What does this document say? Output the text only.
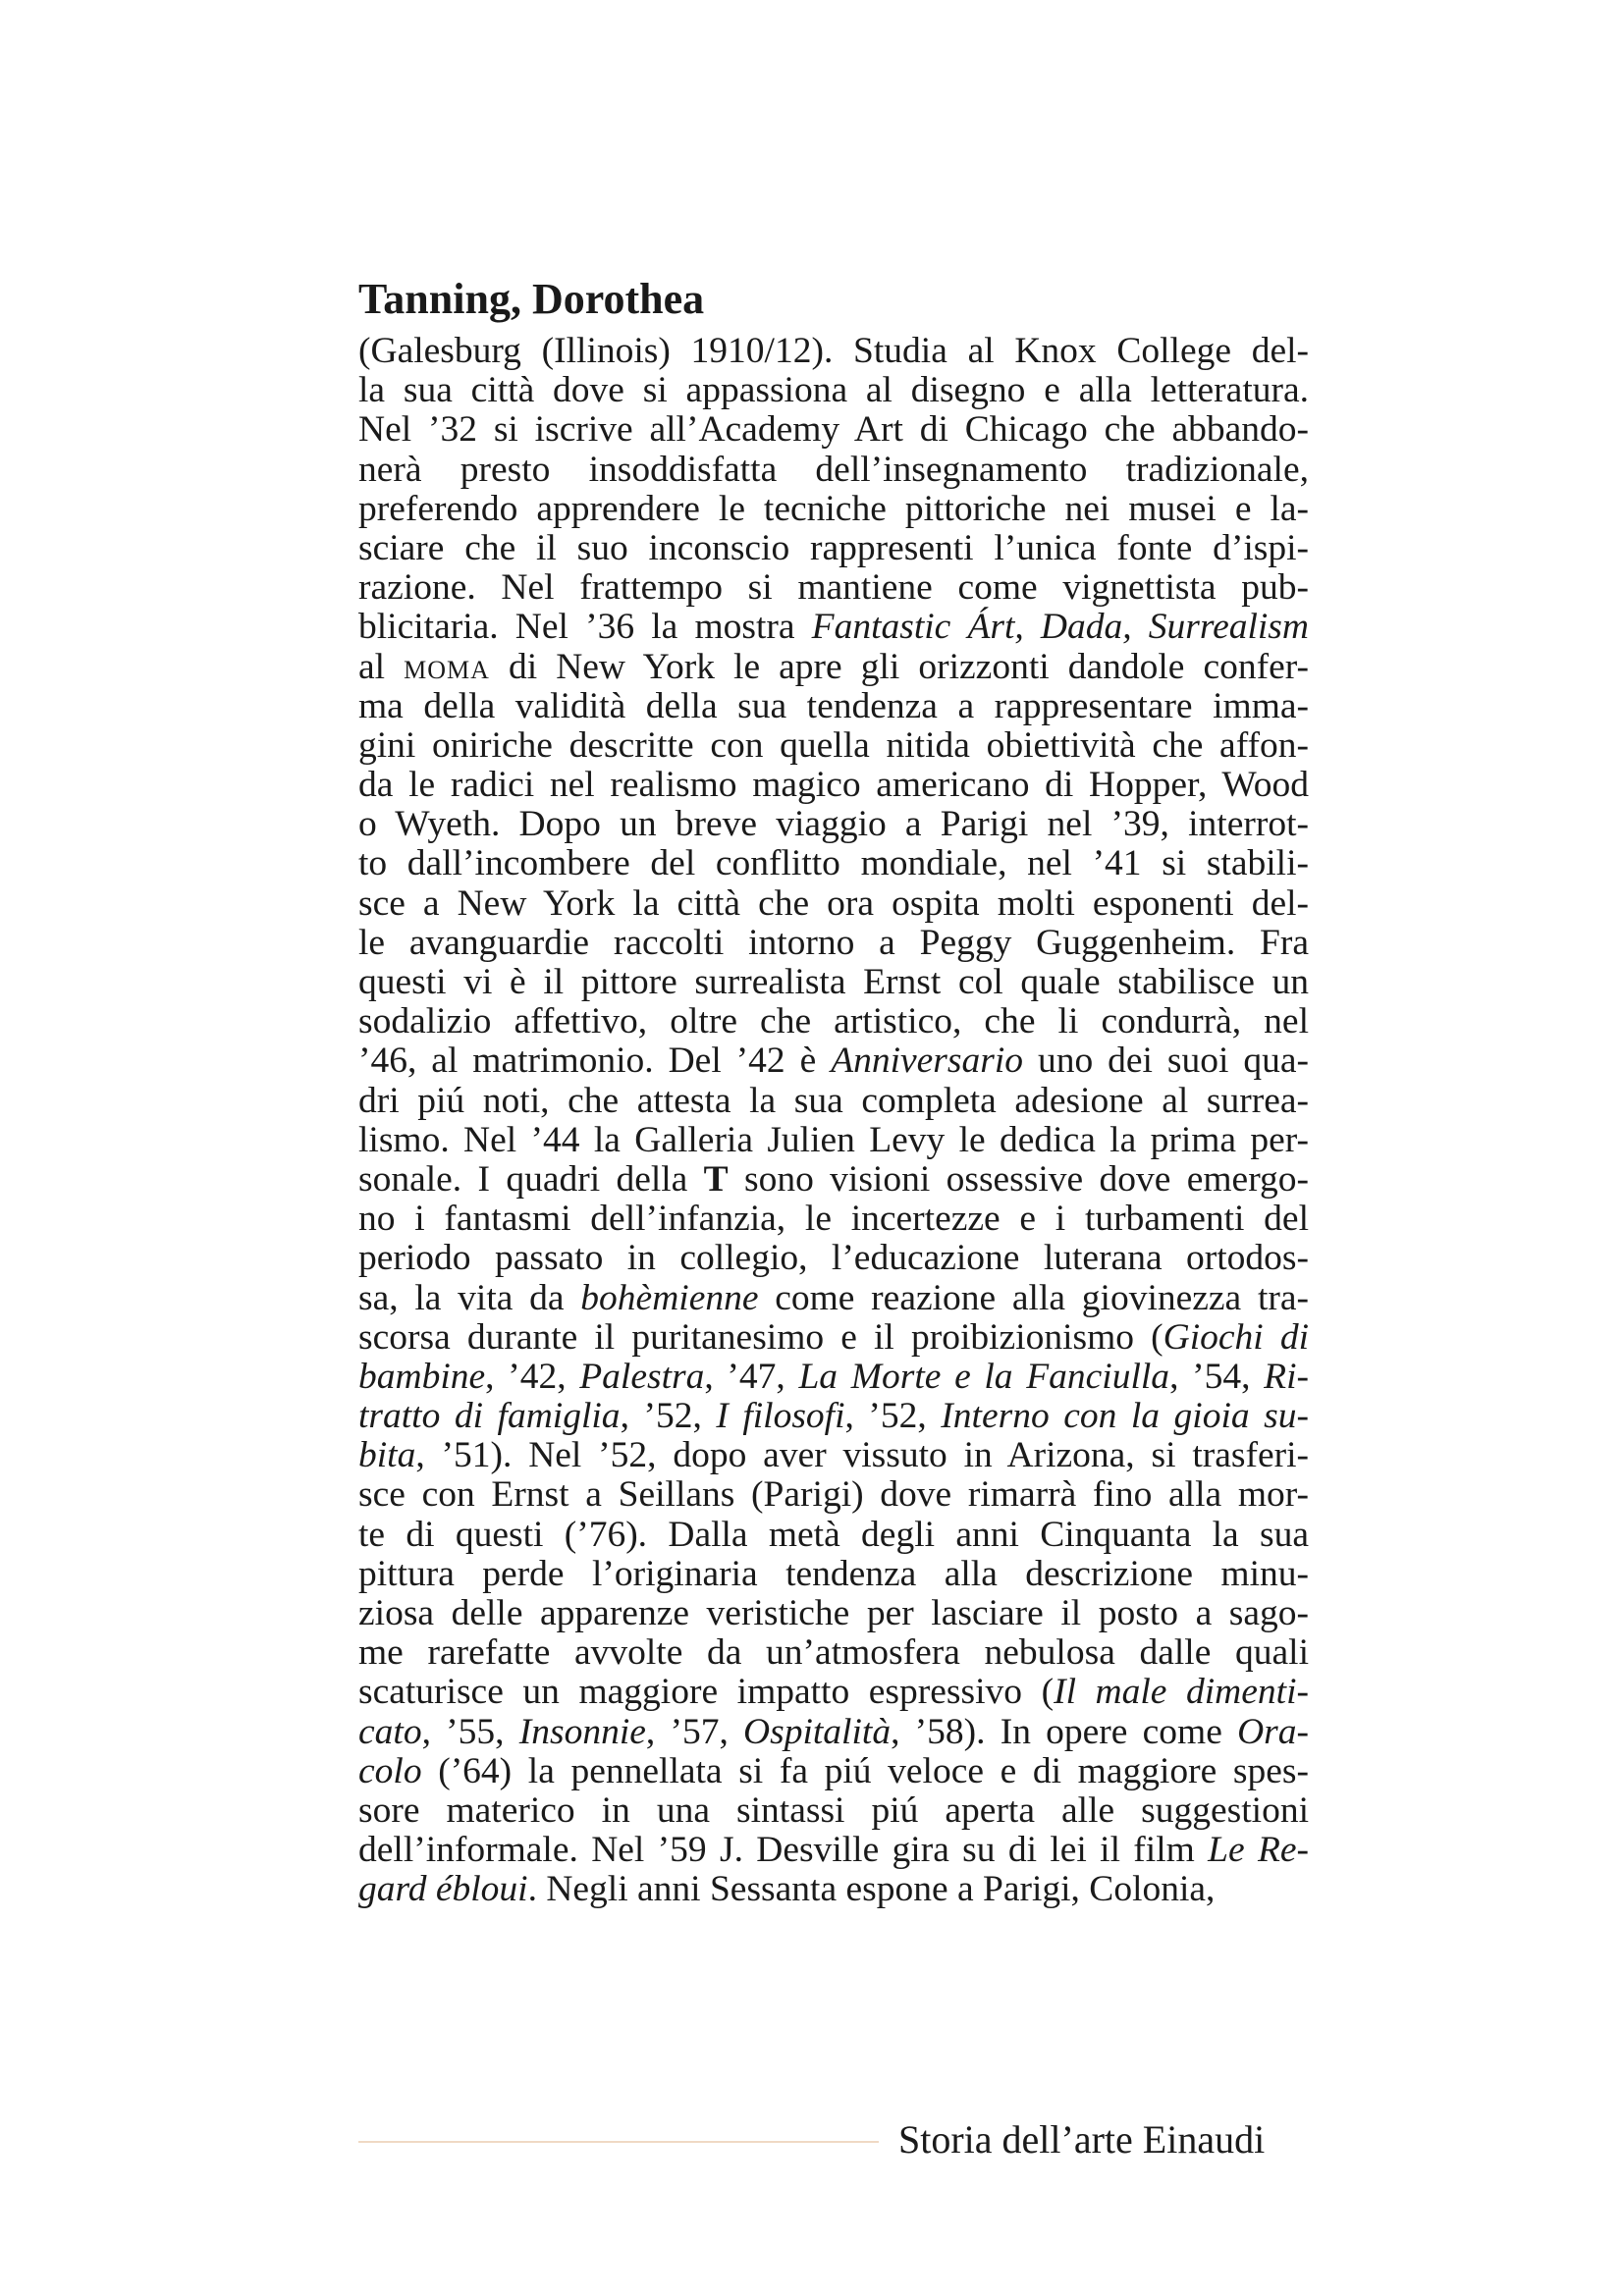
Tanning, Dorothea
(Galesburg (Illinois) 1910/12). Studia al Knox College del-
la sua città dove si appassiona al disegno e alla letteratura.
Nel ’32 si iscrive all’Academy Art di Chicago che abbando-
nerà presto insoddisfatta dell’insegnamento tradizionale,
preferendo apprendere le tecniche pittoriche nei musei e la-
sciare che il suo inconscio rappresenti l’unica fonte d’ispi-
razione. Nel frattempo si mantiene come vignettista pub-
blicitaria. Nel ’36 la mostra Fantastic Árt, Dada, Surrealism
al moma di New York le apre gli orizzonti dandole confer-
ma della validità della sua tendenza a rappresentare imma-
gini oniriche descritte con quella nitida obiettività che affon-
da le radici nel realismo magico americano di Hopper, Wood
o Wyeth. Dopo un breve viaggio a Parigi nel ’39, interrot-
to dall’incombere del conflitto mondiale, nel ’41 si stabili-
sce a New York la città che ora ospita molti esponenti del-
le avanguardie raccolti intorno a Peggy Guggenheim. Fra
questi vi è il pittore surrealista Ernst col quale stabilisce un
sodalizio affettivo, oltre che artistico, che li condurrà, nel
’46, al matrimonio. Del ’42 è Anniversario uno dei suoi qua-
dri piú noti, che attesta la sua completa adesione al surrea-
lismo. Nel ’44 la Galleria Julien Levy le dedica la prima per-
sonale. I quadri della T sono visioni ossessive dove emergo-
no i fantasmi dell’infanzia, le incertezze e i turbamenti del
periodo passato in collegio, l’educazione luterana ortodos-
sa, la vita da bohèmienne come reazione alla giovinezza tra-
scorsa durante il puritanesimo e il proibizionismo (Giochi di
bambine, ’42, Palestra, ’47, La Morte e la Fanciulla, ’54, Ri-
tratto di famiglia, ’52, I filosofi, ’52, Interno con la gioia su-
bita, ’51). Nel ’52, dopo aver vissuto in Arizona, si trasferi-
sce con Ernst a Seillans (Parigi) dove rimarrà fino alla mor-
te di questi (’76). Dalla metà degli anni Cinquanta la sua
pittura perde l’originaria tendenza alla descrizione minu-
ziosa delle apparenze veristiche per lasciare il posto a sago-
me rarefatte avvolte da un’atmosfera nebulosa dalle quali
scaturisce un maggiore impatto espressivo (Il male dimenti-
cato, ’55, Insonnie, ’57, Ospitalità, ’58). In opere come Ora-
colo (’64) la pennellata si fa piú veloce e di maggiore spes-
sore materico in una sintassi piú aperta alle suggestioni
dell’informale. Nel ’59 J. Desville gira su di lei il film Le Re-
gard ébloui. Negli anni Sessanta espone a Parigi, Colonia,
Storia dell’arte Einaudi
